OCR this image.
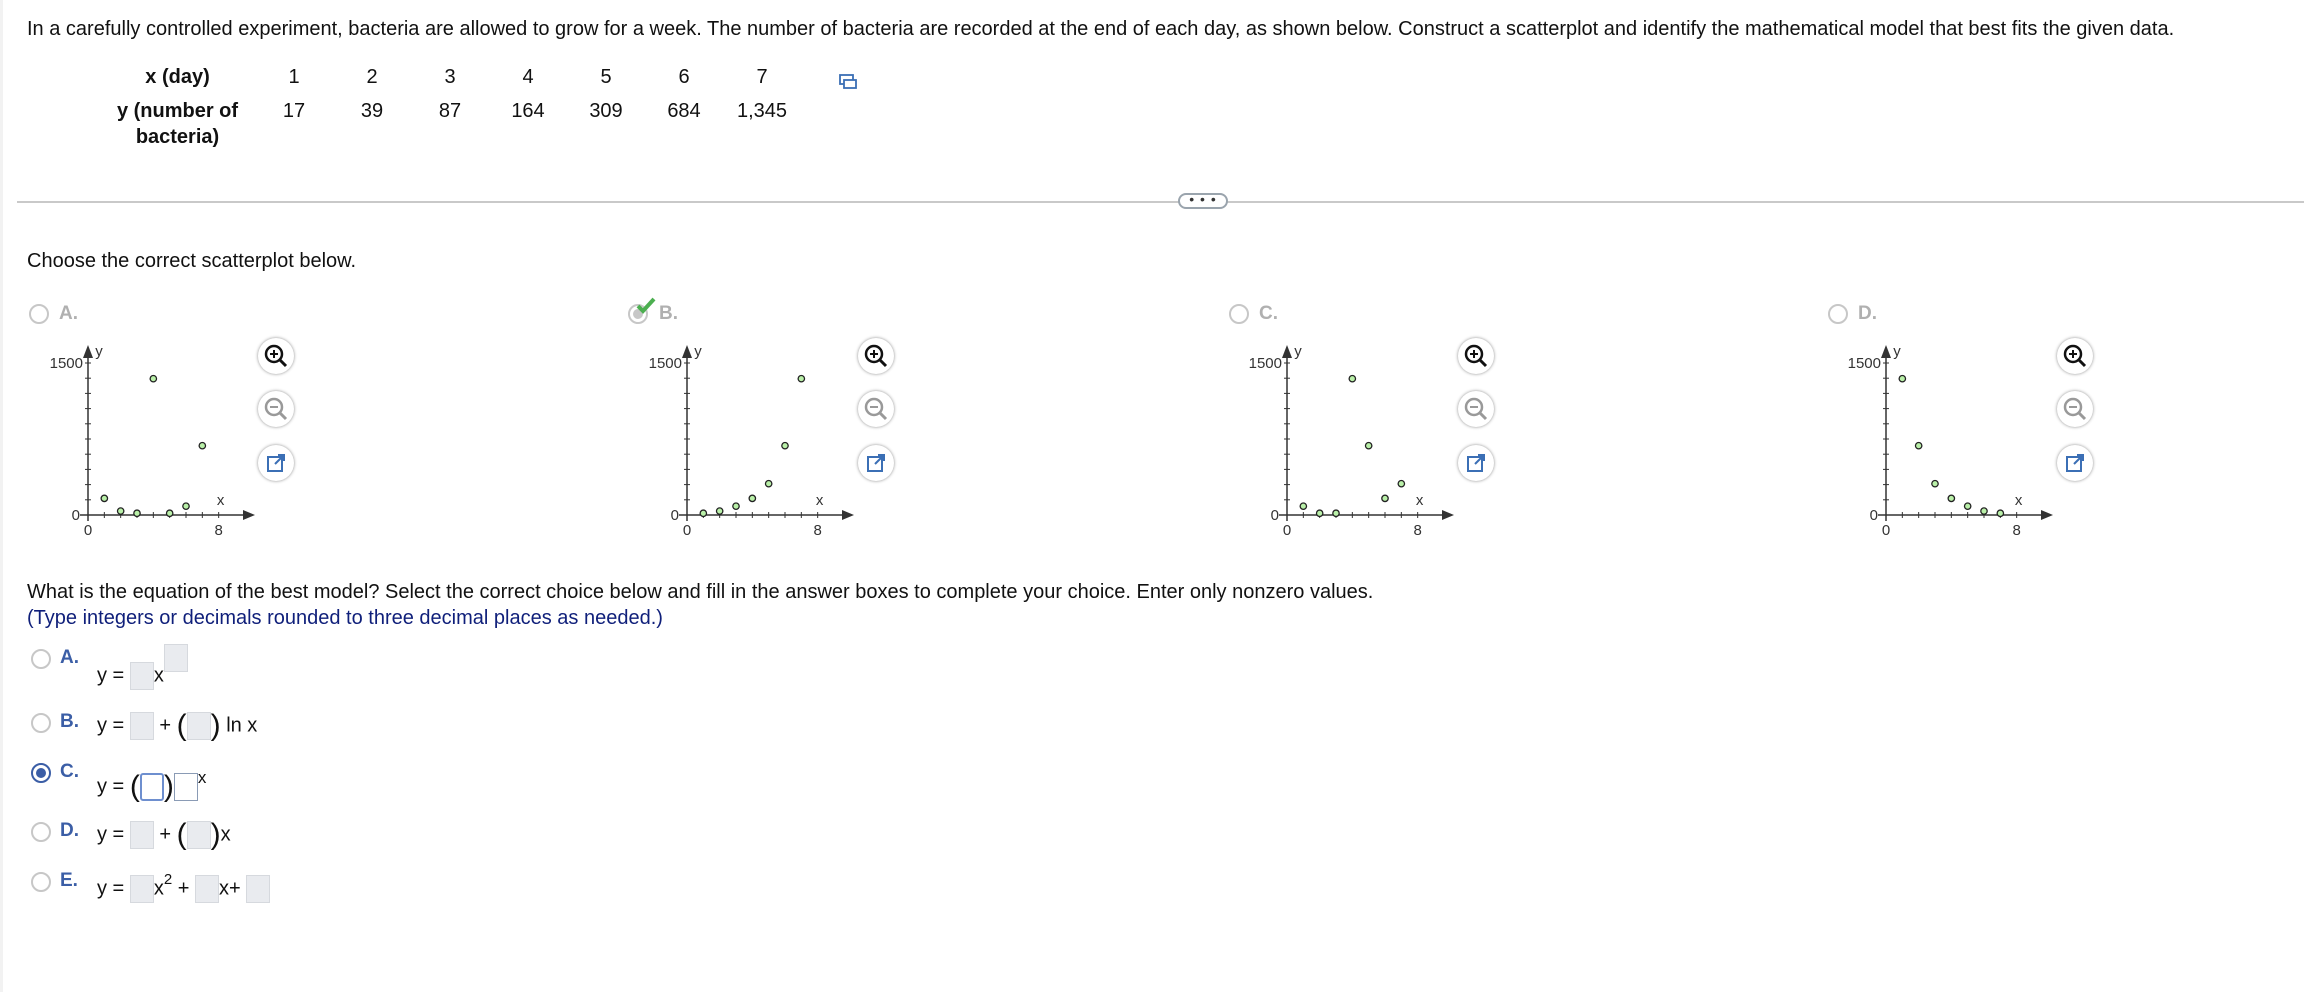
In a carefully controlled experiment, bacteria are allowed to grow for a week. The number of bacteria are recorded at the end of each day, as shown below. Construct a scatterplot and identify the mathematical model that best fits the given data.
x (day)	1	2	3	4	5	6	7
y (number of
bacteria)	17	39	87	164	309	684	1,345
• • •
Choose the correct scatterplot below.
A.
1500
0
0	8
y
x
B.
1500
0
0	8
y
x
C.
1500
0
0	8
y
x
D.
1500
0
0	8
y
x
What is the equation of the best model? Select the correct choice below and fill in the answer boxes to complete your choice. Enter only nonzero values.
(Type integers or decimals rounded to three decimal places as needed.)
A.
y = x
B. y = + ( ) ln x
C.
y = ( ) $^x$
D. y = + ( )x
E. $y = x^2 + x+$
